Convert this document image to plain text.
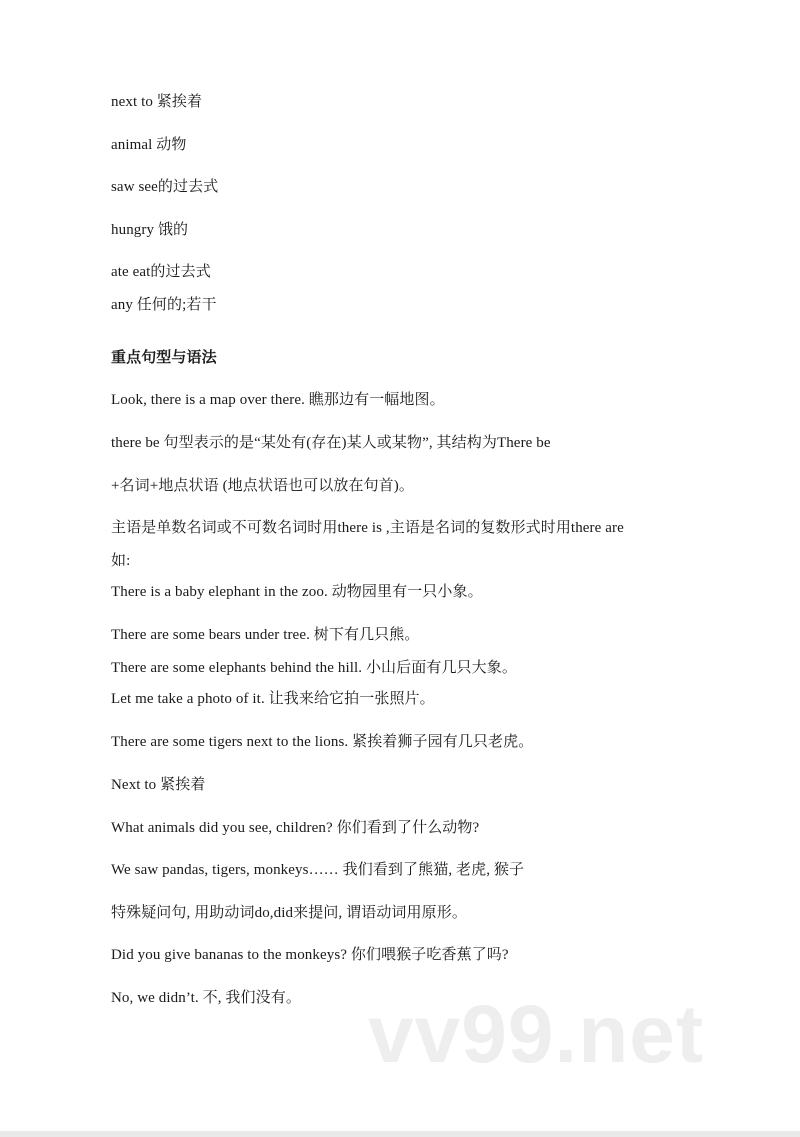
next to 紧挨着
animal 动物
saw see的过去式
hungry 饿的
ate eat的过去式
any 任何的;若干
重点句型与语法
Look, there is a map over there. 瞧那边有一幅地图。
there be 句型表示的是“某处有(存在)某人或某物”, 其结构为There be
+名词+地点状语 (地点状语也可以放在句首)。
主语是单数名词或不可数名词时用there is ,主语是名词的复数形式时用there are
如:
There is a baby elephant in the zoo. 动物园里有一只小象。
There are some bears under tree. 树下有几只熊。
There are some elephants behind the hill. 小山后面有几只大象。
Let me take a photo of it. 让我来给它拍一张照片。
There are some tigers next to the lions. 紧挨着狮子园有几只老虎。
Next to 紧挨着
What animals did you see, children? 你们看到了什么动物?
We saw pandas, tigers, monkeys…… 我们看到了熊猫, 老虎, 猴子
特殊疑问句, 用助动词do,did来提问, 谓语动词用原形。
Did you give bananas to the monkeys? 你们喂猴子吃香蕉了吗?
No, we didn’t. 不, 我们没有。 vv99.net
